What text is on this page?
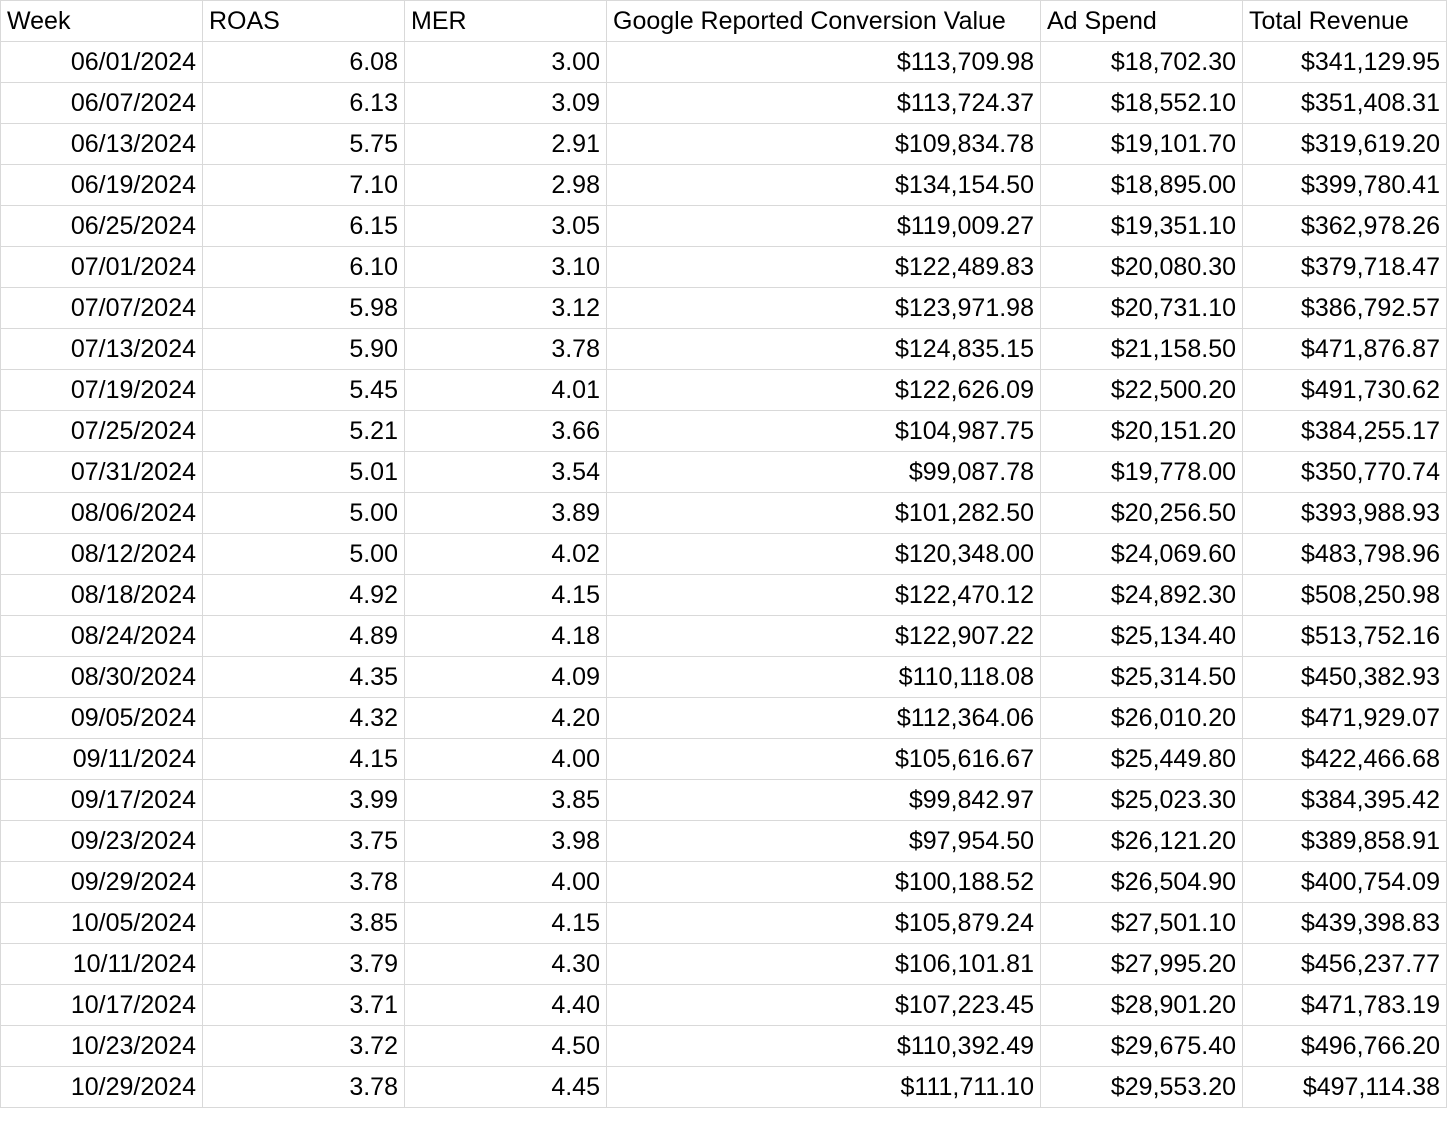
Week	ROAS	MER	Google Reported Conversion Value	Ad Spend	Total Revenue
06/01/2024	6.08	3.00	$113,709.98	$18,702.30	$341,129.95
06/07/2024	6.13	3.09	$113,724.37	$18,552.10	$351,408.31
06/13/2024	5.75	2.91	$109,834.78	$19,101.70	$319,619.20
06/19/2024	7.10	2.98	$134,154.50	$18,895.00	$399,780.41
06/25/2024	6.15	3.05	$119,009.27	$19,351.10	$362,978.26
07/01/2024	6.10	3.10	$122,489.83	$20,080.30	$379,718.47
07/07/2024	5.98	3.12	$123,971.98	$20,731.10	$386,792.57
07/13/2024	5.90	3.78	$124,835.15	$21,158.50	$471,876.87
07/19/2024	5.45	4.01	$122,626.09	$22,500.20	$491,730.62
07/25/2024	5.21	3.66	$104,987.75	$20,151.20	$384,255.17
07/31/2024	5.01	3.54	$99,087.78	$19,778.00	$350,770.74
08/06/2024	5.00	3.89	$101,282.50	$20,256.50	$393,988.93
08/12/2024	5.00	4.02	$120,348.00	$24,069.60	$483,798.96
08/18/2024	4.92	4.15	$122,470.12	$24,892.30	$508,250.98
08/24/2024	4.89	4.18	$122,907.22	$25,134.40	$513,752.16
08/30/2024	4.35	4.09	$110,118.08	$25,314.50	$450,382.93
09/05/2024	4.32	4.20	$112,364.06	$26,010.20	$471,929.07
09/11/2024	4.15	4.00	$105,616.67	$25,449.80	$422,466.68
09/17/2024	3.99	3.85	$99,842.97	$25,023.30	$384,395.42
09/23/2024	3.75	3.98	$97,954.50	$26,121.20	$389,858.91
09/29/2024	3.78	4.00	$100,188.52	$26,504.90	$400,754.09
10/05/2024	3.85	4.15	$105,879.24	$27,501.10	$439,398.83
10/11/2024	3.79	4.30	$106,101.81	$27,995.20	$456,237.77
10/17/2024	3.71	4.40	$107,223.45	$28,901.20	$471,783.19
10/23/2024	3.72	4.50	$110,392.49	$29,675.40	$496,766.20
10/29/2024	3.78	4.45	$111,711.10	$29,553.20	$497,114.38
